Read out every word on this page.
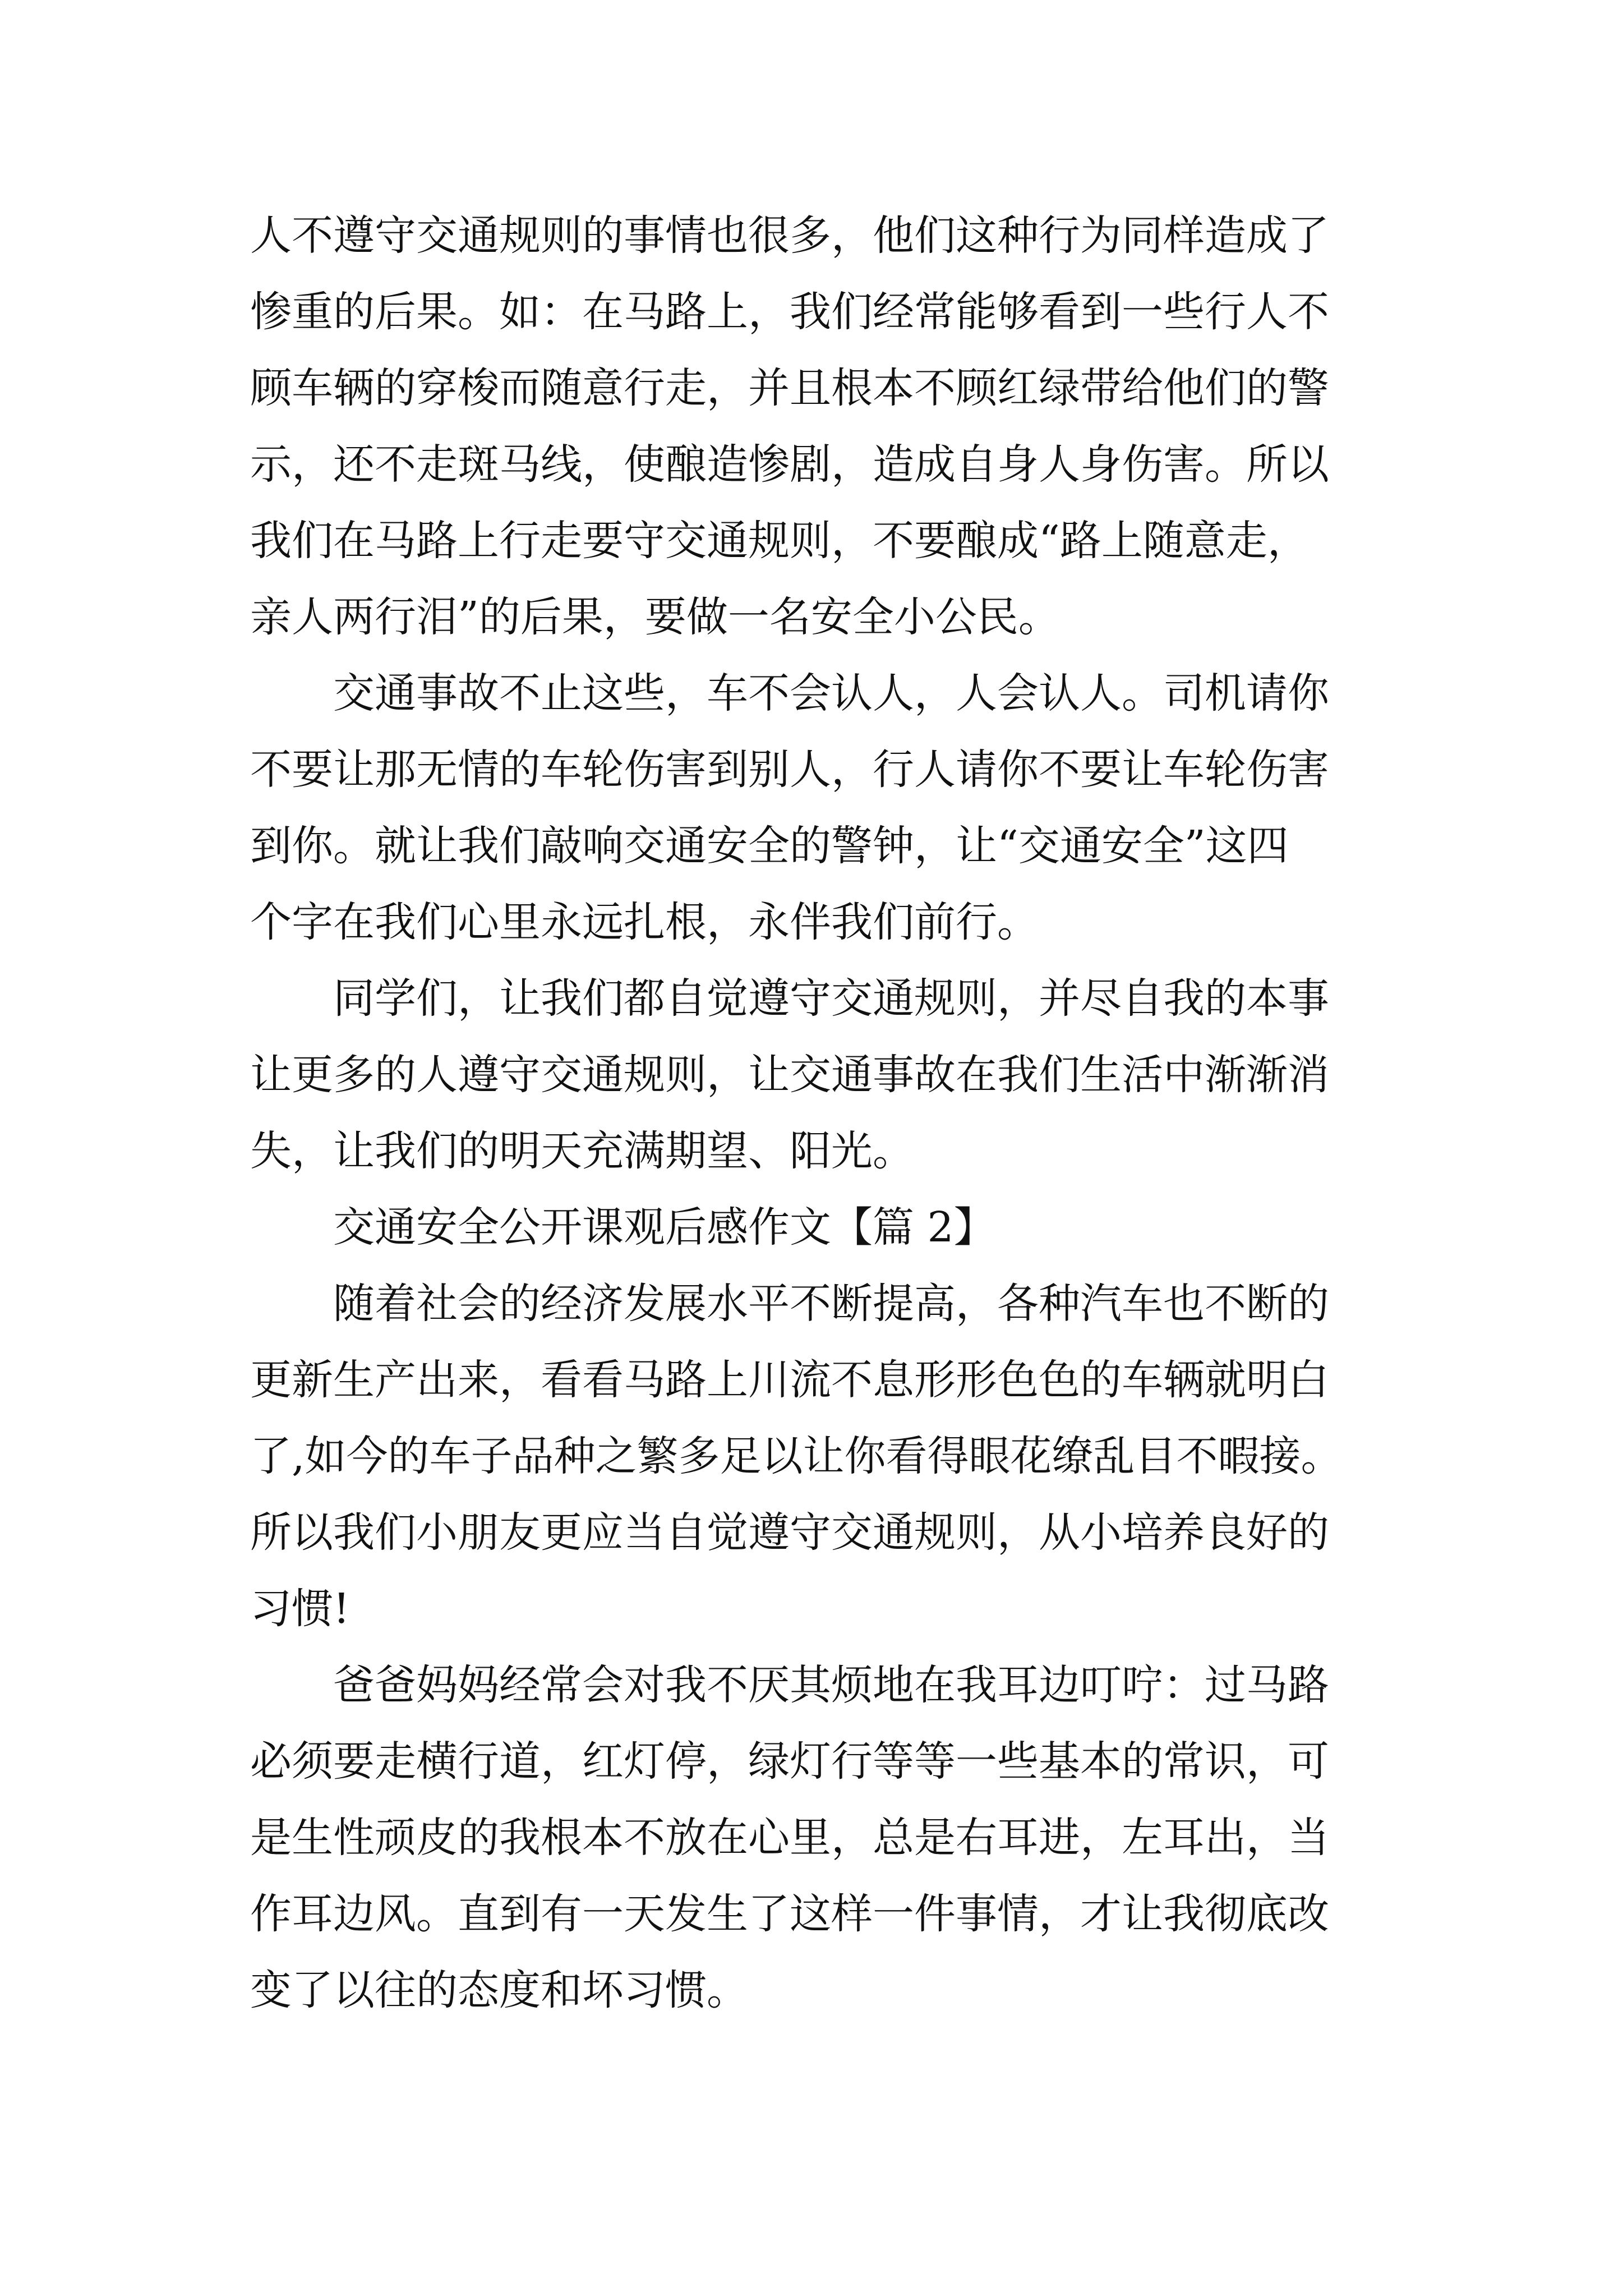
人不遵守交通规则的事情也很多，他们这种行为同样造成了
惨重的后果。如：在马路上，我们经常能够看到一些行人不
顾车辆的穿梭而随意行走，并且根本不顾红绿带给他们的警
示，还不走斑马线，使酿造惨剧，造成自身人身伤害。所以
我们在马路上行走要守交通规则，不要酿成“路上随意走，
亲人两行泪”的后果，要做一名安全小公民。
交通事故不止这些，车不会认人，人会认人。司机请你
不要让那无情的车轮伤害到别人，行人请你不要让车轮伤害
到你。就让我们敲响交通安全的警钟，让“交通安全”这四
个字在我们心里永远扎根，永伴我们前行。
同学们，让我们都自觉遵守交通规则，并尽自我的本事
让更多的人遵守交通规则，让交通事故在我们生活中渐渐消
失，让我们的明天充满期望、阳光。
交通安全公开课观后感作文【篇 2】
随着社会的经济发展水平不断提高，各种汽车也不断的
更新生产出来，看看马路上川流不息形形色色的车辆就明白
了,如今的车子品种之繁多足以让你看得眼花缭乱目不暇接。
所以我们小朋友更应当自觉遵守交通规则，从小培养良好的
习惯!
爸爸妈妈经常会对我不厌其烦地在我耳边叮咛：过马路
必须要走横行道，红灯停，绿灯行等等一些基本的常识，可
是生性顽皮的我根本不放在心里，总是右耳进，左耳出，当
作耳边风。直到有一天发生了这样一件事情，才让我彻底改
变了以往的态度和坏习惯。
